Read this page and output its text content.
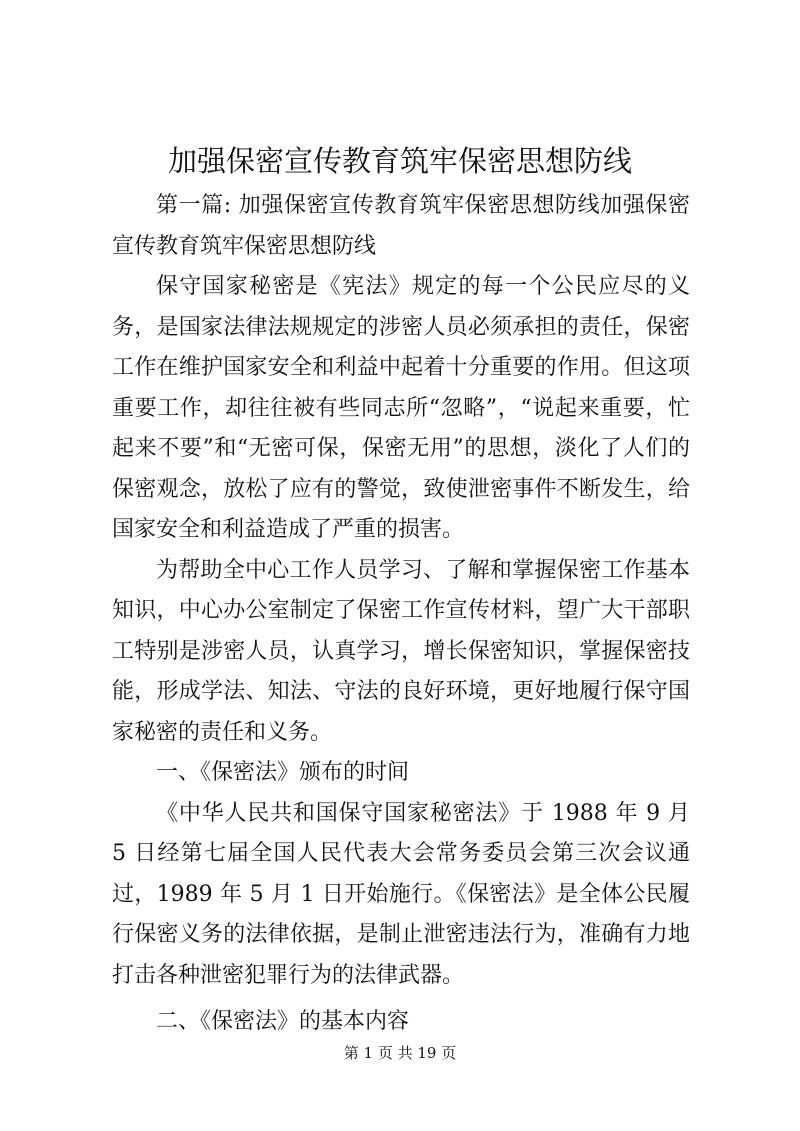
加强保密宣传教育筑牢保密思想防线

第一篇: 加强保密宣传教育筑牢保密思想防线加强保密宣传教育筑牢保密思想防线

保守国家秘密是《宪法》规定的每一个公民应尽的义务，是国家法律法规规定的涉密人员必须承担的责任，保密工作在维护国家安全和利益中起着十分重要的作用。但这项重要工作，却往往被有些同志所“忽略”，“说起来重要，忙起来不要”和“无密可保，保密无用”的思想，淡化了人们的保密观念，放松了应有的警觉，致使泄密事件不断发生，给国家安全和利益造成了严重的损害。

为帮助全中心工作人员学习、了解和掌握保密工作基本知识，中心办公室制定了保密工作宣传材料，望广大干部职工特别是涉密人员，认真学习，增长保密知识，掌握保密技能，形成学法、知法、守法的良好环境，更好地履行保守国家秘密的责任和义务。

一、《保密法》颁布的时间

《中华人民共和国保守国家秘密法》于 1988 年 9 月 5 日经第七届全国人民代表大会常务委员会第三次会议通过，1989 年 5 月 1 日开始施行。《保密法》是全体公民履行保密义务的法律依据，是制止泄密违法行为，准确有力地打击各种泄密犯罪行为的法律武器。

二、《保密法》的基本内容

第 1 页 共 19 页
